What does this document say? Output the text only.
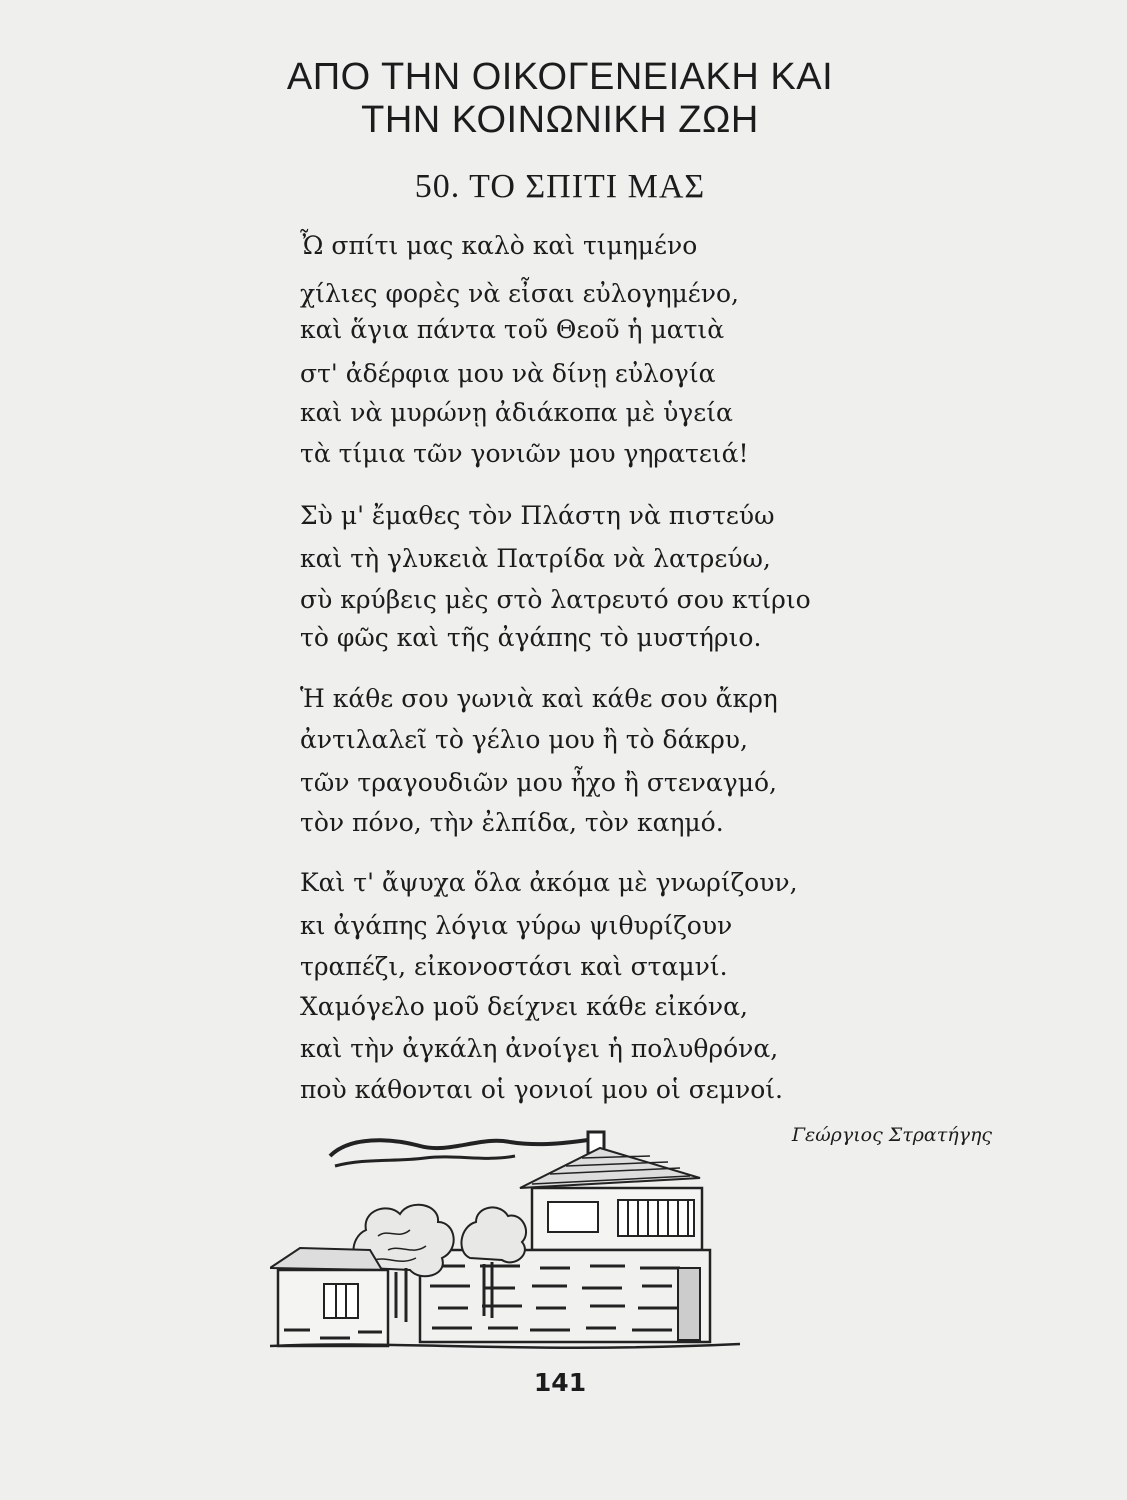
ΑΠΟ ΤΗΝ ΟΙΚΟΓΕΝΕΙΑΚΗ ΚΑΙ
ΤΗΝ ΚΟΙΝΩΝΙΚΗ ΖΩΗ
50. ΤΟ ΣΠΙΤΙ ΜΑΣ
Ὦ σπίτι μας καλὸ καὶ τιμημένο
χίλιες φορὲς νὰ εἶσαι εὐλογημένο,
καὶ ἅγια πάντα τοῦ Θεοῦ ἡ ματιὰ
στ' ἀδέρφια μου νὰ δίνῃ εὐλογία
καὶ νὰ μυρώνῃ ἀδιάκοπα μὲ ὑγεία
τὰ τίμια τῶν γονιῶν μου γηρατειά!
Σὺ μ' ἔμαθες τὸν Πλάστη νὰ πιστεύω
καὶ τὴ γλυκειὰ Πατρίδα νὰ λατρεύω,
σὺ κρύβεις μὲς στὸ λατρευτό σου κτίριο
τὸ φῶς καὶ τῆς ἀγάπης τὸ μυστήριο.
Ἡ κάθε σου γωνιὰ καὶ κάθε σου ἄκρη
ἀντιλαλεῖ τὸ γέλιο μου ἢ τὸ δάκρυ,
τῶν τραγουδιῶν μου ἦχο ἢ στεναγμό,
τὸν πόνο, τὴν ἐλπίδα, τὸν καημό.
Καὶ τ' ἄψυχα ὅλα ἀκόμα μὲ γνωρίζουν,
κι ἀγάπης λόγια γύρω ψιθυρίζουν
τραπέζι, εἰκονοστάσι καὶ σταμνί.
Χαμόγελο μοῦ δείχνει κάθε εἰκόνα,
καὶ τὴν ἀγκάλη ἀνοίγει ἡ πολυθρόνα,
ποὺ κάθονται οἱ γονιοί μου οἱ σεμνοί.
Γεώργιος Στρατήγης
141
